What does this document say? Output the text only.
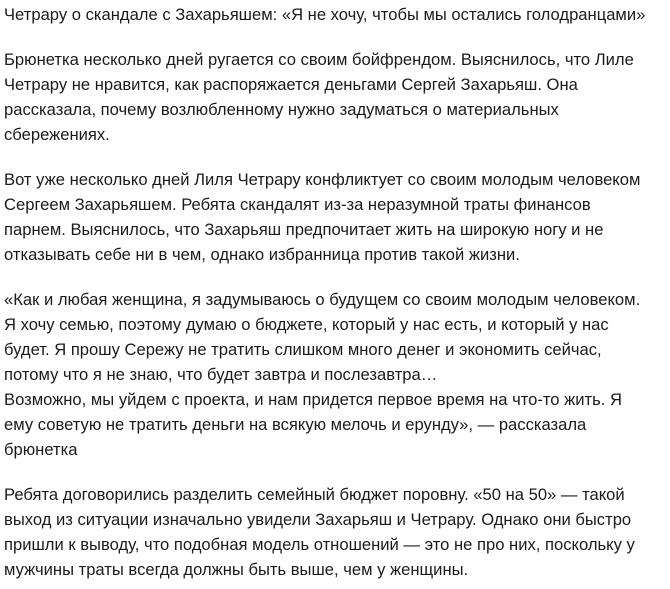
Четрару о скандале с Захарьяшем: «Я не хочу, чтобы мы остались голодранцами»

Брюнетка несколько дней ругается со своим бойфрендом. Выяснилось, что Лиле
Четрару не нравится, как распоряжается деньгами Сергей Захарьяш. Она
рассказала, почему возлюбленному нужно задуматься о материальных
сбережениях.

Вот уже несколько дней Лиля Четрару конфликтует со своим молодым человеком
Сергеем Захарьяшем. Ребята скандалят из-за неразумной траты финансов
парнем. Выяснилось, что Захарьяш предпочитает жить на широкую ногу и не
отказывать себе ни в чем, однако избранница против такой жизни.

«Как и любая женщина, я задумываюсь о будущем со своим молодым человеком.
Я хочу семью, поэтому думаю о бюджете, который у нас есть, и который у нас
будет. Я прошу Сережу не тратить слишком много денег и экономить сейчас,
потому что я не знаю, что будет завтра и послезавтра…
Возможно, мы уйдем с проекта, и нам придется первое время на что-то жить. Я
ему советую не тратить деньги на всякую мелочь и ерунду», — рассказала
брюнетка

Ребята договорились разделить семейный бюджет поровну. «50 на 50» — такой
выход из ситуации изначально увидели Захарьяш и Четрару. Однако они быстро
пришли к выводу, что подобная модель отношений — это не про них, поскольку у
мужчины траты всегда должны быть выше, чем у женщины.
